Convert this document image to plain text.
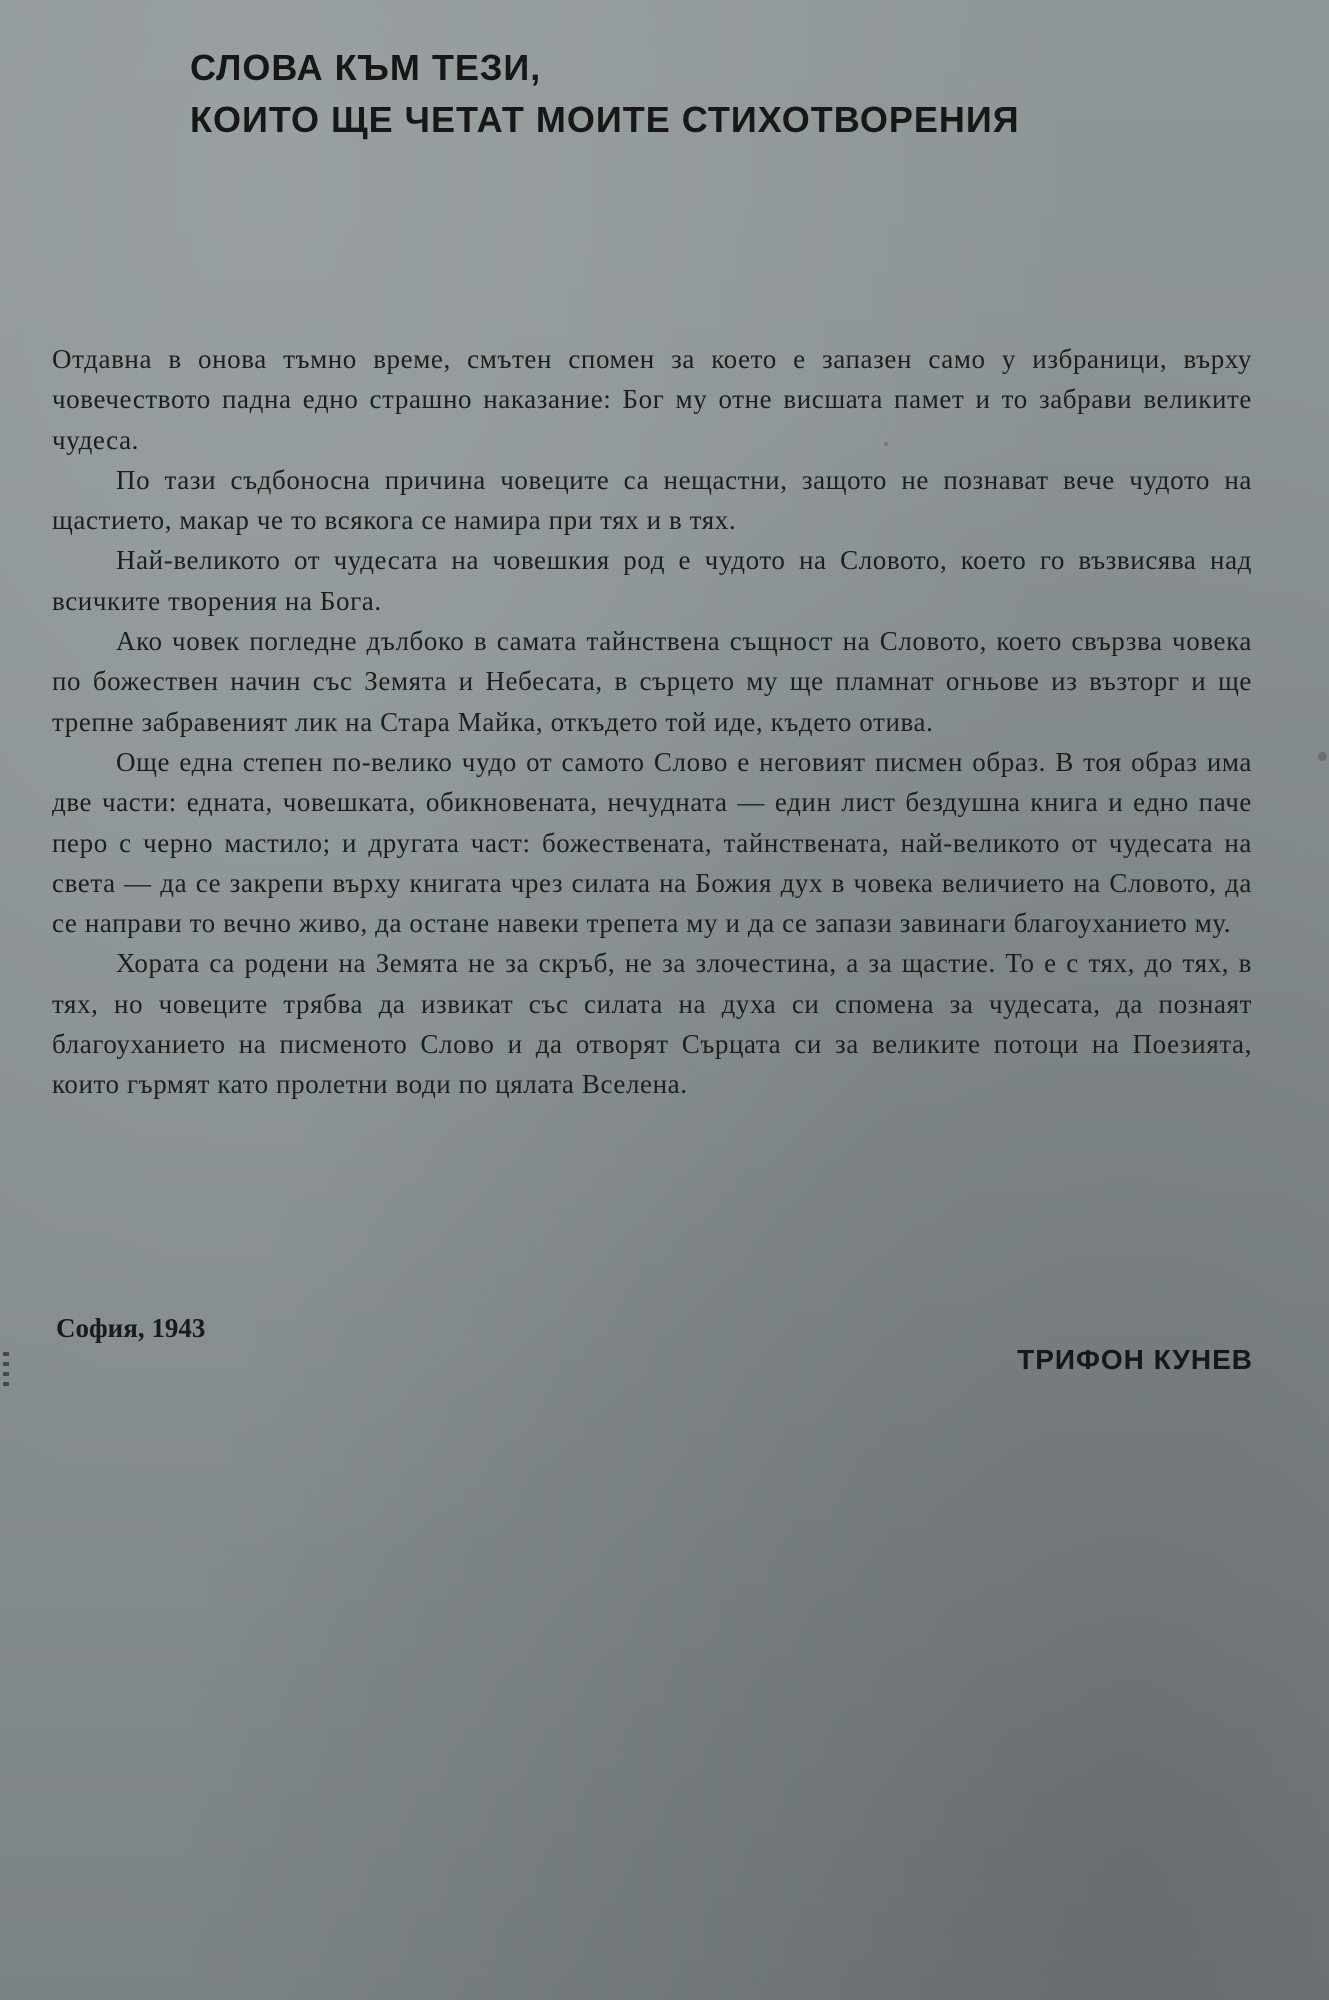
СЛОВА КЪМ ТЕЗИ,
КОИТО ЩЕ ЧЕТАТ МОИТЕ СТИХОТВОРЕНИЯ

Отдавна в онова тъмно време, смътен спомен за което е запазен само у избраници, върху човечеството падна едно страшно наказание: Бог му отне висшата памет и то забрави великите чудеса.

По тази съдбоносна причина човеците са нещастни, защото не познават вече чудото на щастието, макар че то всякога се намира при тях и в тях.

Най-великото от чудесата на човешкия род е чудото на Словото, което го възвисява над всичките творения на Бога.

Ако човек погледне дълбоко в самата тайнствена същност на Словото, което свързва човека по божествен начин със Земята и Небесата, в сърцето му ще пламнат огньове из възторг и ще трепне забравеният лик на Стара Майка, откъдето той иде, където отива.

Още една степен по-велико чудо от самото Слово е неговият писмен образ. В тоя образ има две части: едната, човешката, обикновената, нечудната — един лист бездушна книга и едно паче перо с черно мастило; и другата част: божествената, тайнствената, най-великото от чудесата на света — да се закрепи върху книгата чрез силата на Божия дух в човека величието на Словото, да се направи то вечно живо, да остане навеки трепета му и да се запази завинаги благоуханието му.

Хората са родени на Земята не за скръб, не за злочестина, а за щастие. То е с тях, до тях, в тях, но човеците трябва да извикат със силата на духа си спомена за чудесата, да познаят благоуханието на писменото Слово и да отворят Сърцата си за великите потоци на Поезията, които гърмят като пролетни води по цялата Вселена.

София, 1943

ТРИФОН КУНЕВ
